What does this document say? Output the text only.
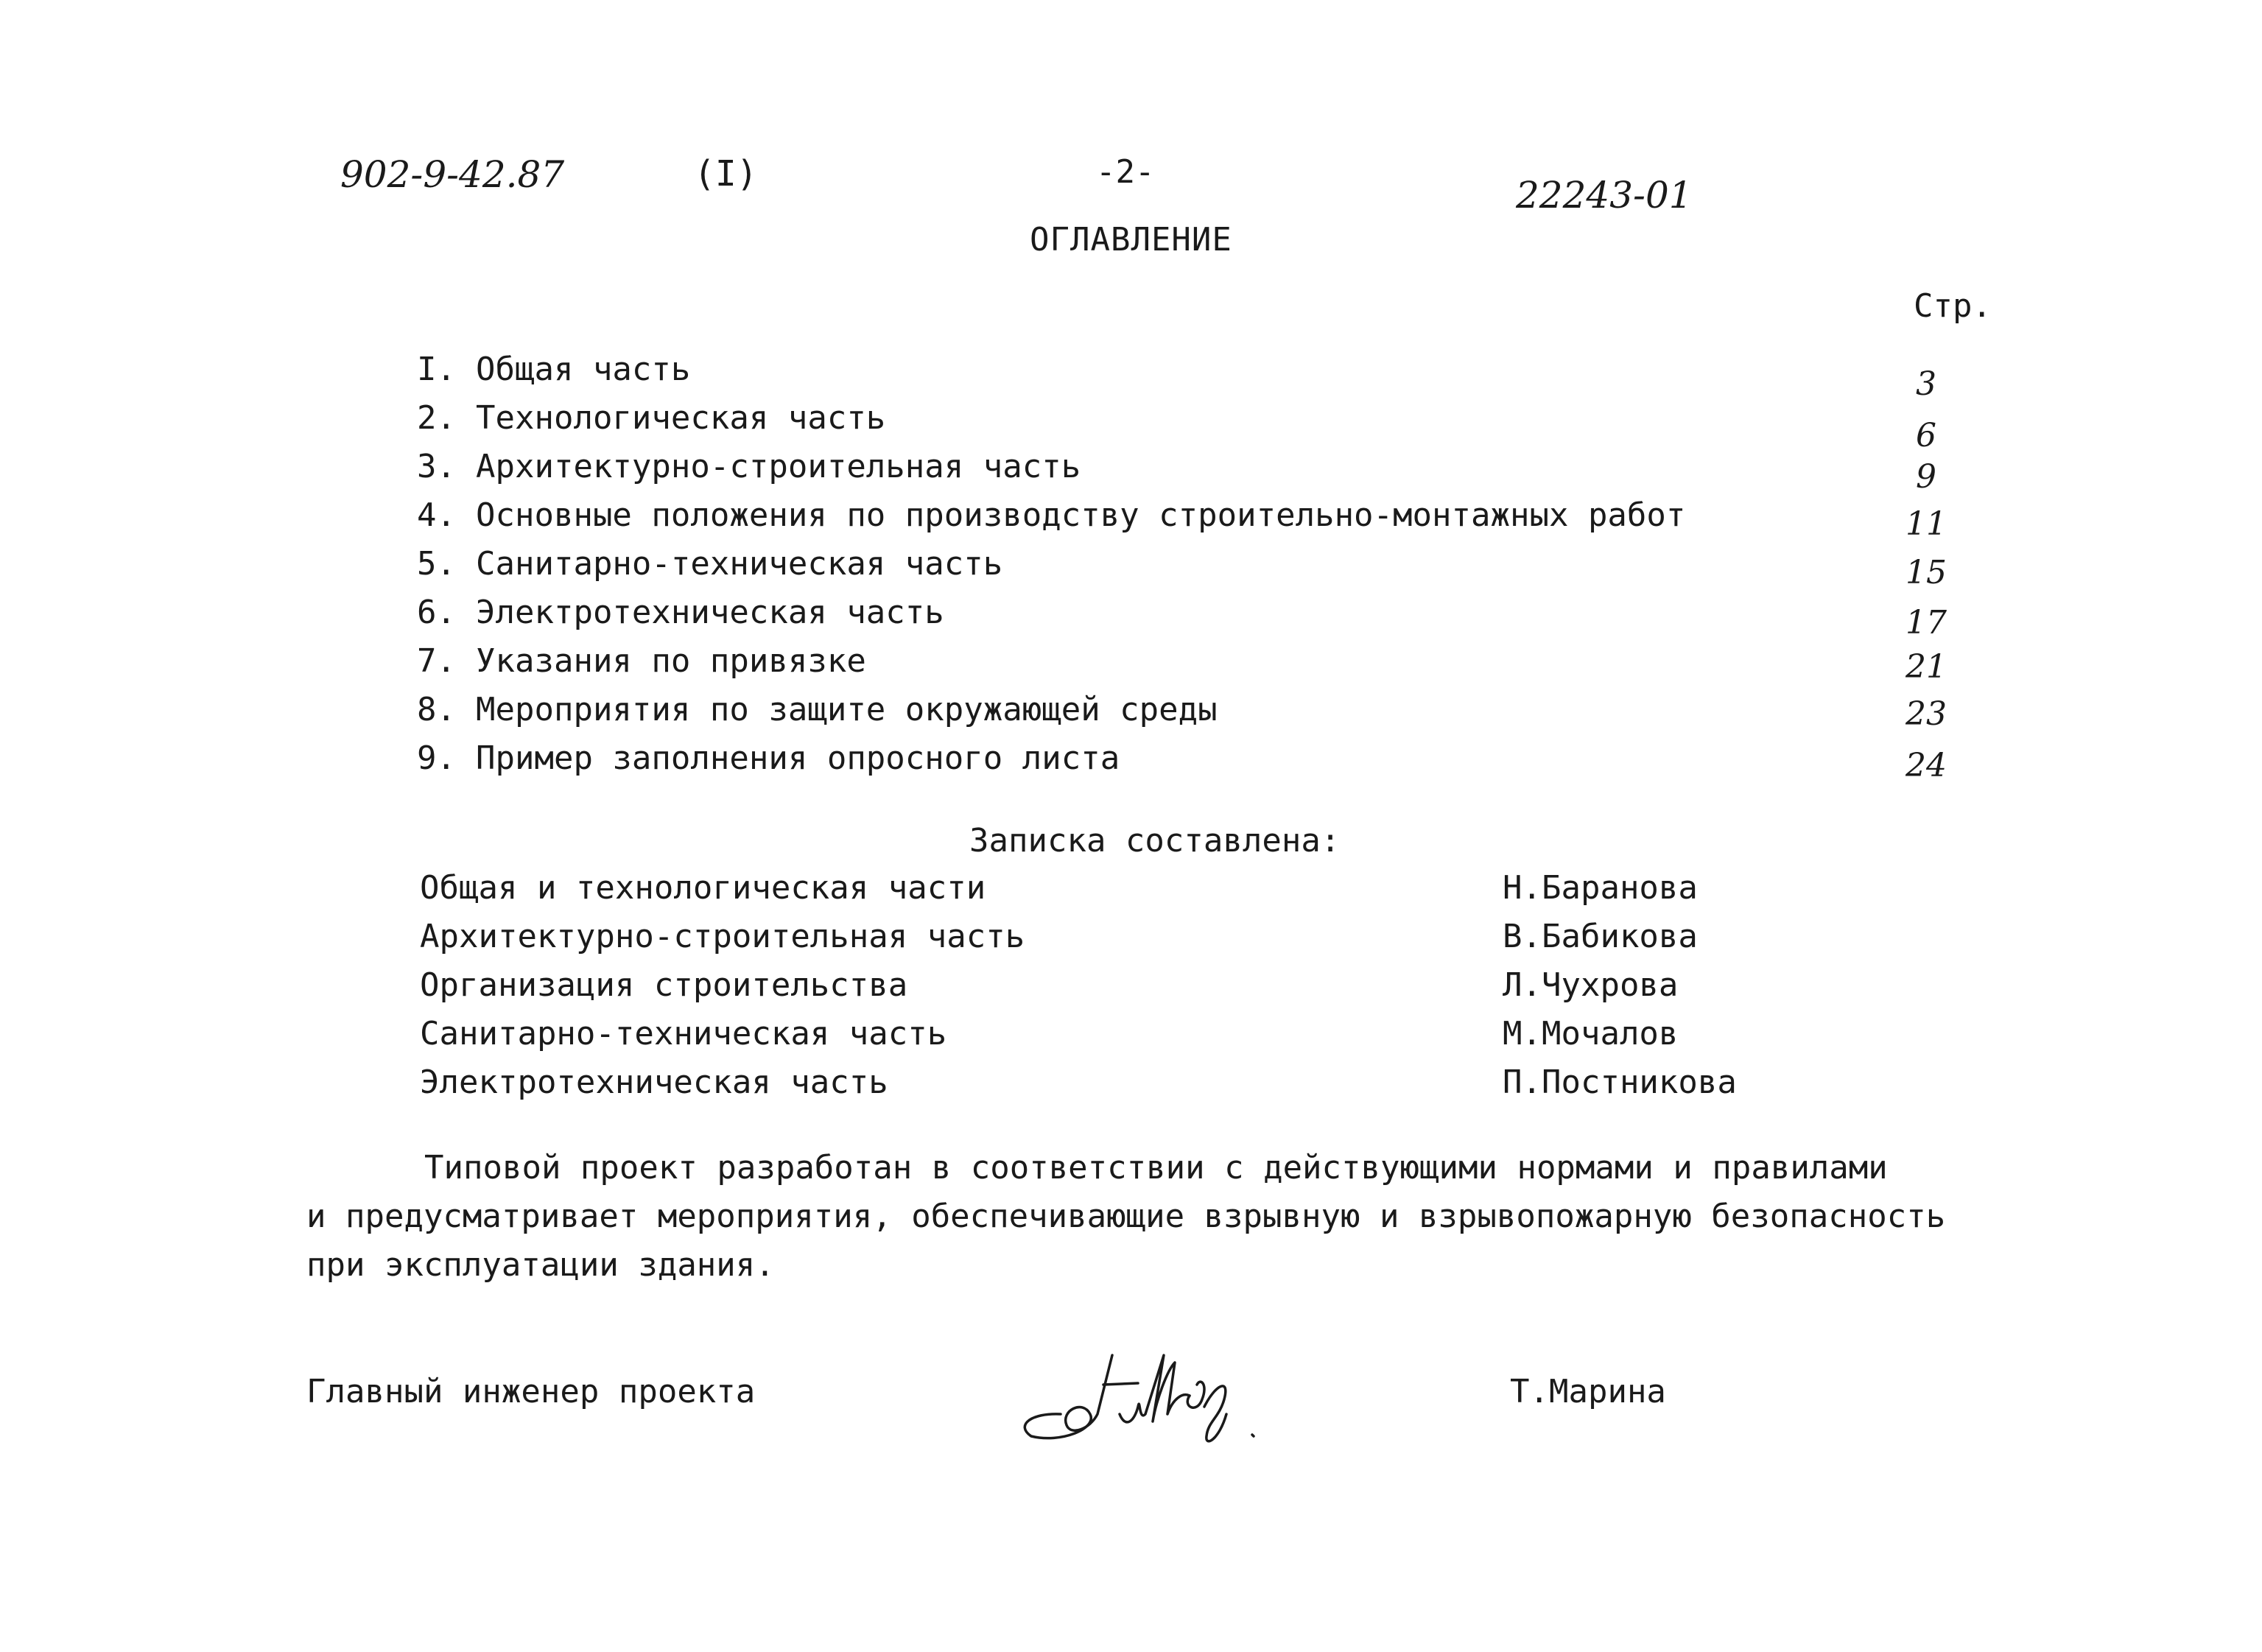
902-9-42.87	(I)	-2-
22243-01
ОГЛАВЛЕНИЕ
Стр.
I. Общая часть	3
2. Технологическая часть	6
3. Архитектурно-строительная часть	9
4. Основные положения по производству строительно-монтажных работ	11
5. Санитарно-техническая часть	15
6. Электротехническая часть	17
7. Указания по привязке	21
8. Мероприятия по защите окружающей среды	23
9. Пример заполнения опросного листа	24
Записка составлена:
Общая и технологическая части	Н.Баранова
Архитектурно-строительная часть	В.Бабикова
Организация строительства	Л.Чухрова
Санитарно-техническая часть	М.Мочалов
Электротехническая часть	П.Постникова
Типовой проект разработан в соответствии с действующими нормами и правилами
и предусматривает мероприятия, обеспечивающие взрывную и взрывопожарную безопасность
при эксплуатации здания.
Главный инженер проекта	Т.Марина
